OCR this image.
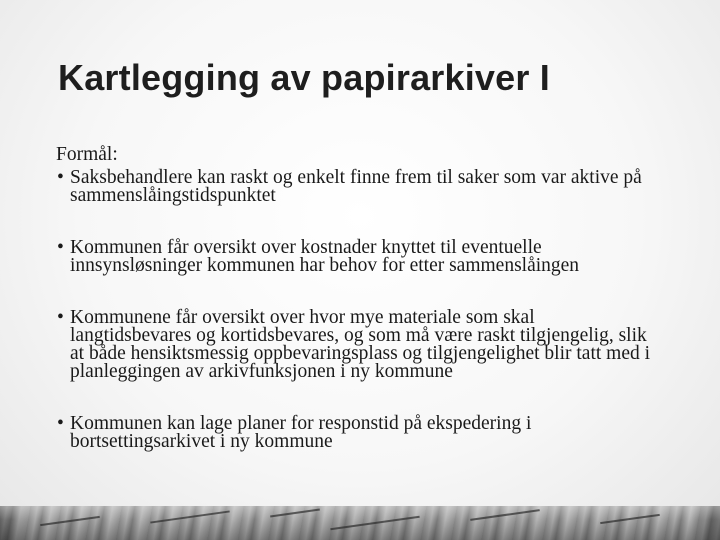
Kartlegging av papirarkiver I

Formål:

• Saksbehandlere kan raskt og enkelt finne frem til saker som var aktive på sammenslåingstidspunktet
• Kommunen får oversikt over kostnader knyttet til eventuelle innsynsløsninger kommunen har behov for etter sammenslåingen
• Kommunene får oversikt over hvor mye materiale som skal langtidsbevares og kortidsbevares, og som må være raskt tilgjengelig, slik at både hensiktsmessig oppbevaringsplass og tilgjengelighet blir tatt med i planleggingen av arkivfunksjonen i ny kommune
• Kommunen kan lage planer for responstid på ekspedering i bortsettingsarkivet i ny kommune
